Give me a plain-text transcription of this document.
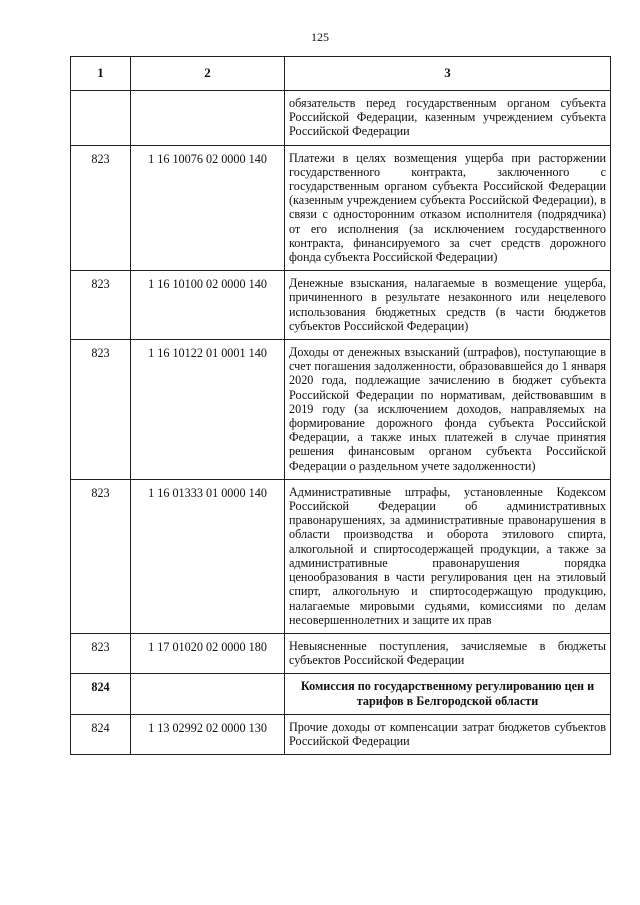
125
1	2	3
		обязательств перед государственным органом субъекта Российской Федерации, казенным учреждением субъекта Российской Федерации
823	1 16 10076 02 0000 140	Платежи в целях возмещения ущерба при расторжении государственного контракта, заключенного с государственным органом субъекта Российской Федерации (казенным учреждением субъекта Российской Федерации), в связи с односторонним отказом исполнителя (подрядчика) от его исполнения (за исключением государственного контракта, финансируемого за счет средств дорожного фонда субъекта Российской Федерации)
823	1 16 10100 02 0000 140	Денежные взыскания, налагаемые в возмещение ущерба, причиненного в результате незаконного или нецелевого использования бюджетных средств (в части бюджетов субъектов Российской Федерации)
823	1 16 10122 01 0001 140	Доходы от денежных взысканий (штрафов), поступающие в счет погашения задолженности, образовавшейся до 1 января 2020 года, подлежащие зачислению в бюджет субъекта Российской Федерации по нормативам, действовавшим в 2019 году (за исключением доходов, направляемых на формирование дорожного фонда субъекта Российской Федерации, а также иных платежей в случае принятия решения финансовым органом субъекта Российской Федерации о раздельном учете задолженности)
823	1 16 01333 01 0000 140	Административные штрафы, установленные Кодексом Российской Федерации об административных правонарушениях, за административные правонарушения в области производства и оборота этилового спирта, алкогольной и спиртосодержащей продукции, а также за административные правонарушения порядка ценообразования в части регулирования цен на этиловый спирт, алкогольную и спиртосодержащую продукцию, налагаемые мировыми судьями, комиссиями по делам несовершеннолетних и защите их прав
823	1 17 01020 02 0000 180	Невыясненные поступления, зачисляемые в бюджеты субъектов Российской Федерации
824		Комиссия по государственному регулированию цен и тарифов в Белгородской области
824	1 13 02992 02 0000 130	Прочие доходы от компенсации затрат бюджетов субъектов Российской Федерации
